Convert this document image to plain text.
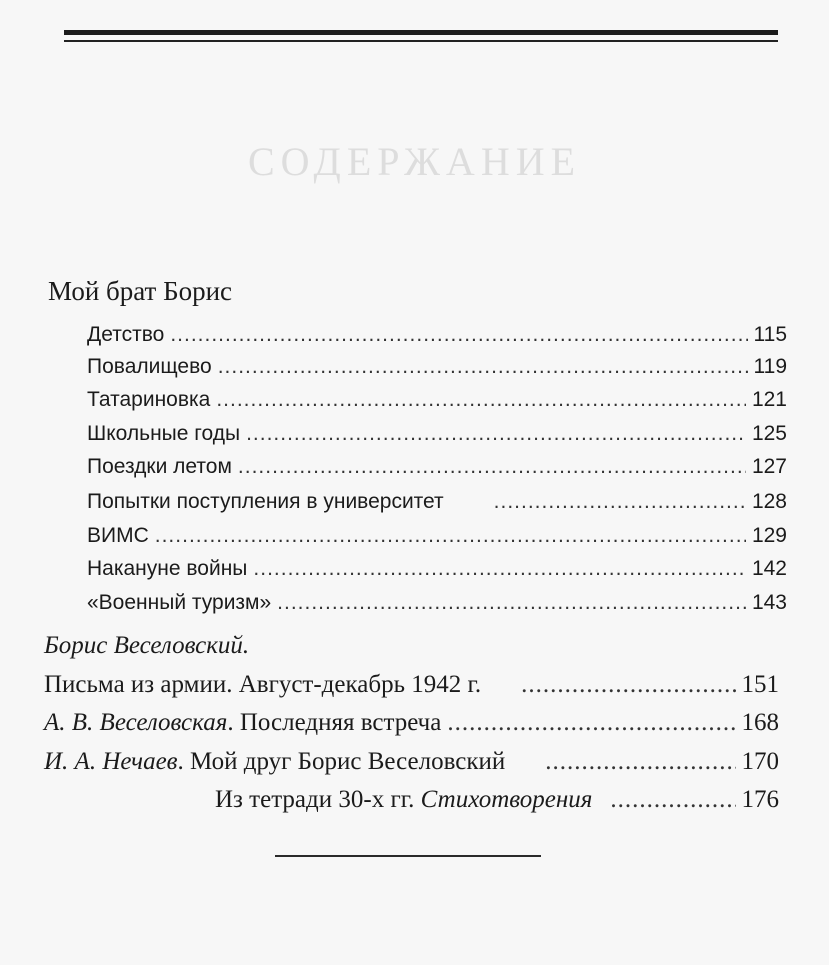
СОДЕРЖАНИЕ
Мой брат Борис
Детство .....	115
Повалищево .....	119
Татариновка .....	121
Школьные годы .....	125
Поездки летом .....	127
Попытки поступления в университет .....	128
ВИМС .....	129
Накануне войны .....	142
«Военный туризм» .....	143
Борис Веселовский.
Письма из армии. Август-декабрь 1942 г. .....	151
А. В. Веселовская. Последняя встреча .....	168
И. А. Нечаев. Мой друг Борис Веселовский .....	170
Из тетради 30-х гг. Стихотворения .....	176
